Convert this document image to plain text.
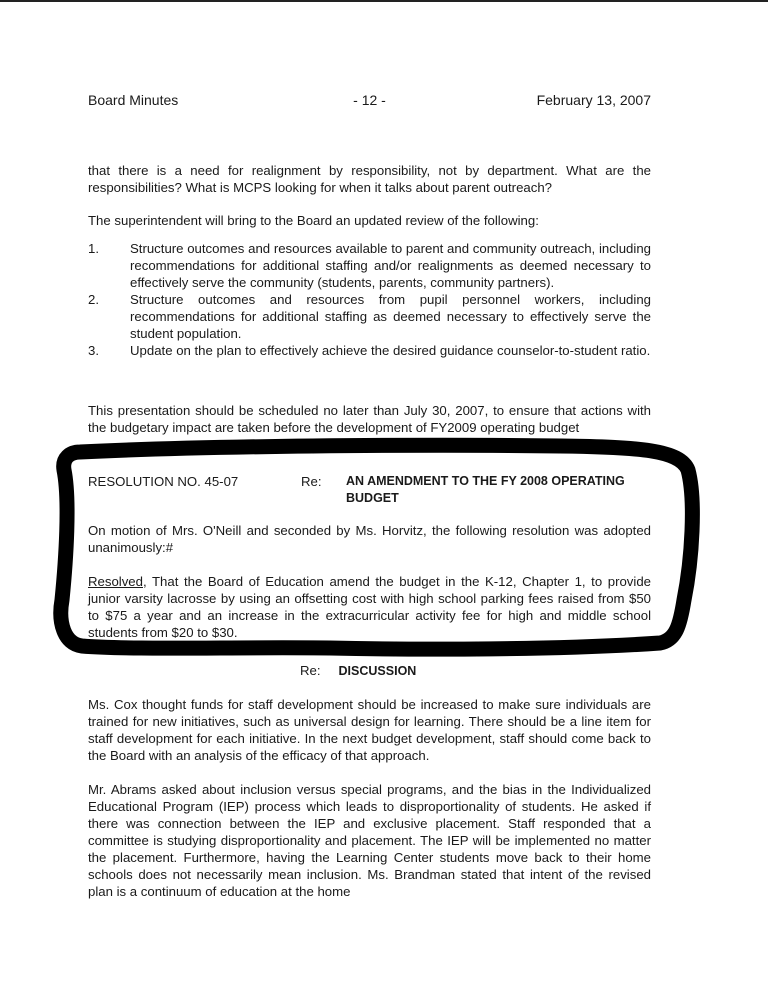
Board Minutes	- 12 -	February 13, 2007

that there is a need for realignment by responsibility, not by department. What are the responsibilities? What is MCPS looking for when it talks about parent outreach?

The superintendent will bring to the Board an updated review of the following:

1. Structure outcomes and resources available to parent and community outreach, including recommendations for additional staffing and/or realignments as deemed necessary to effectively serve the community (students, parents, community partners).
2. Structure outcomes and resources from pupil personnel workers, including recommendations for additional staffing as deemed necessary to effectively serve the student population.
3. Update on the plan to effectively achieve the desired guidance counselor-to-student ratio.

This presentation should be scheduled no later than July 30, 2007, to ensure that actions with the budgetary impact are taken before the development of FY2009 operating budget

RESOLUTION NO. 45-07	Re: AN AMENDMENT TO THE FY 2008 OPERATING BUDGET

On motion of Mrs. O'Neill and seconded by Ms. Horvitz, the following resolution was adopted unanimously:#

Resolved, That the Board of Education amend the budget in the K-12, Chapter 1, to provide junior varsity lacrosse by using an offsetting cost with high school parking fees raised from $50 to $75 a year and an increase in the extracurricular activity fee for high and middle school students from $20 to $30.

Re: DISCUSSION

Ms. Cox thought funds for staff development should be increased to make sure individuals are trained for new initiatives, such as universal design for learning. There should be a line item for staff development for each initiative. In the next budget development, staff should come back to the Board with an analysis of the efficacy of that approach.

Mr. Abrams asked about inclusion versus special programs, and the bias in the Individualized Educational Program (IEP) process which leads to disproportionality of students. He asked if there was connection between the IEP and exclusive placement. Staff responded that a committee is studying disproportionality and placement. The IEP will be implemented no matter the placement. Furthermore, having the Learning Center students move back to their home schools does not necessarily mean inclusion. Ms. Brandman stated that intent of the revised plan is a continuum of education at the home
